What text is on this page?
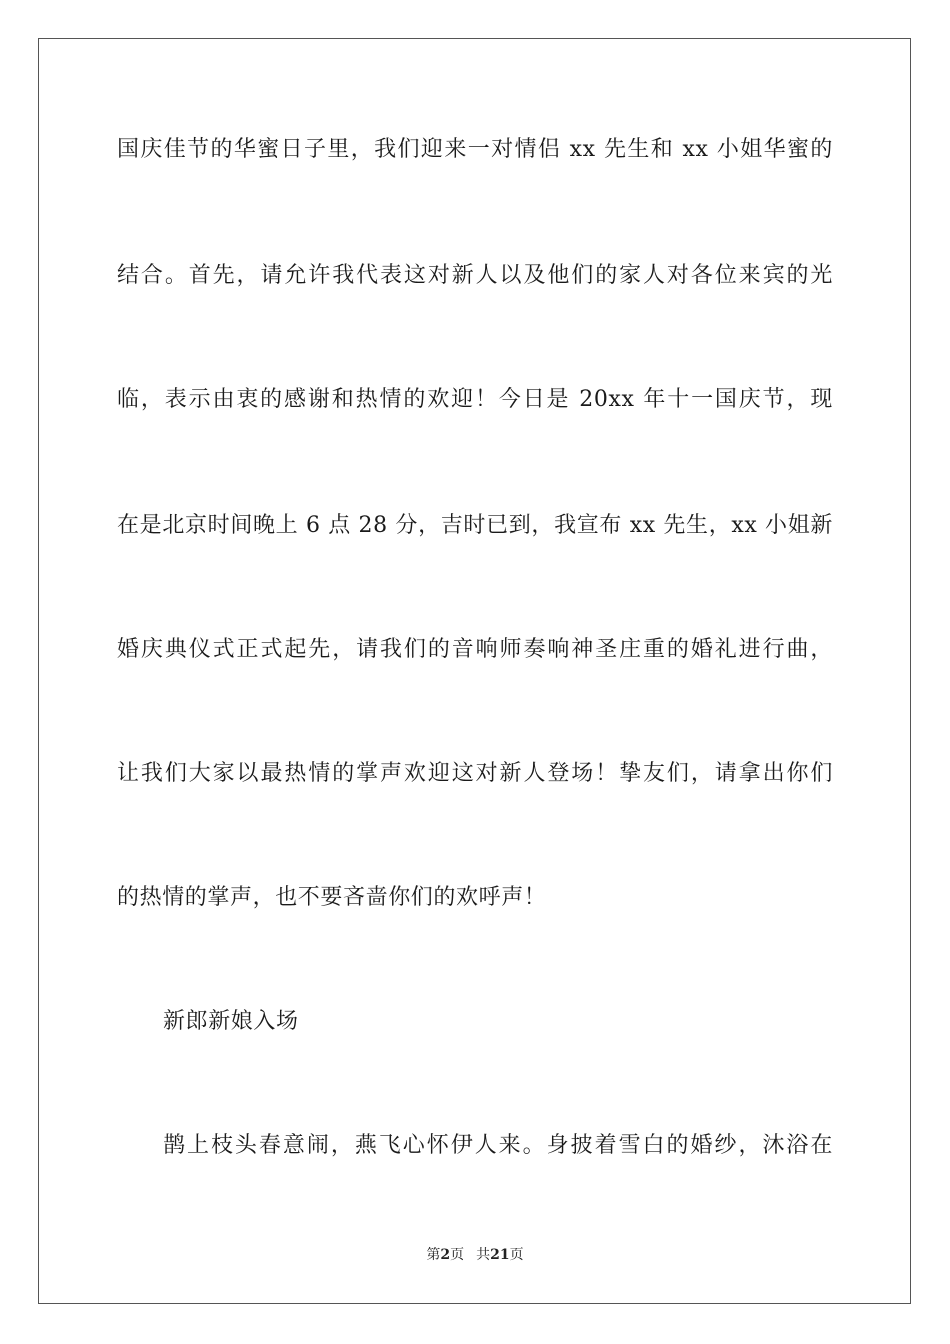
国庆佳节的华蜜日子里，我们迎来一对情侣 xx 先生和 xx 小姐华蜜的
结合。首先，请允许我代表这对新人以及他们的家人对各位来宾的光
临，表示由衷的感谢和热情的欢迎！今日是 20xx 年十一国庆节，现
在是北京时间晚上 6 点 28 分，吉时已到，我宣布 xx 先生，xx 小姐新
婚庆典仪式正式起先，请我们的音响师奏响神圣庄重的婚礼进行曲，
让我们大家以最热情的掌声欢迎这对新人登场！挚友们，请拿出你们
的热情的掌声，也不要吝啬你们的欢呼声！
新郎新娘入场
鹊上枝头春意闹，燕飞心怀伊人来。身披着雪白的婚纱，沐浴在
第2页 共21页
